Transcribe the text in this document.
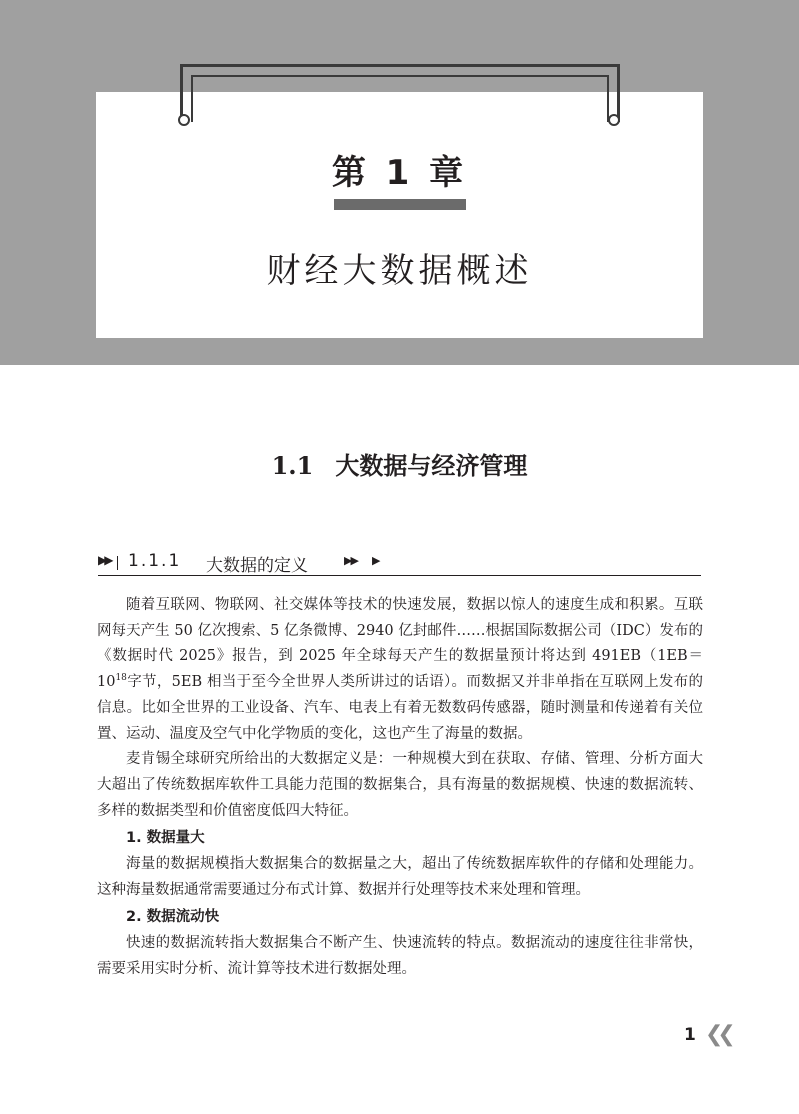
第 1 章
财经大数据概述
1.1 大数据与经济管理
▶▶ 1.1.1 大数据的定义	▶▶ ▶

随着互联网、物联网、社交媒体等技术的快速发展，数据以惊人的速度生成和积累。互联网每天产生 50 亿次搜索、5 亿条微博、2940 亿封邮件……根据国际数据公司（IDC）发布的《数据时代 2025》报告，到 2025 年全球每天产生的数据量预计将达到 $491EB(1EB=10^{18}$字节，5EB 相当于至今全世界人类所讲过的话语）。而数据又并非单指在互联网上发布的信息。比如全世界的工业设备、汽车、电表上有着无数数码传感器，随时测量和传递着有关位置、运动、温度及空气中化学物质的变化，这也产生了海量的数据。

麦肯锡全球研究所给出的大数据定义是：一种规模大到在获取、存储、管理、分析方面大大超出了传统数据库软件工具能力范围的数据集合，具有海量的数据规模、快速的数据流转、多样的数据类型和价值密度低四大特征。

1. 数据量大

海量的数据规模指大数据集合的数据量之大，超出了传统数据库软件的存储和处理能力。这种海量数据通常需要通过分布式计算、数据并行处理等技术来处理和管理。

2. 数据流动快

快速的数据流转指大数据集合不断产生、快速流转的特点。数据流动的速度往往非常快，需要采用实时分析、流计算等技术进行数据处理。

1 ❮❮
